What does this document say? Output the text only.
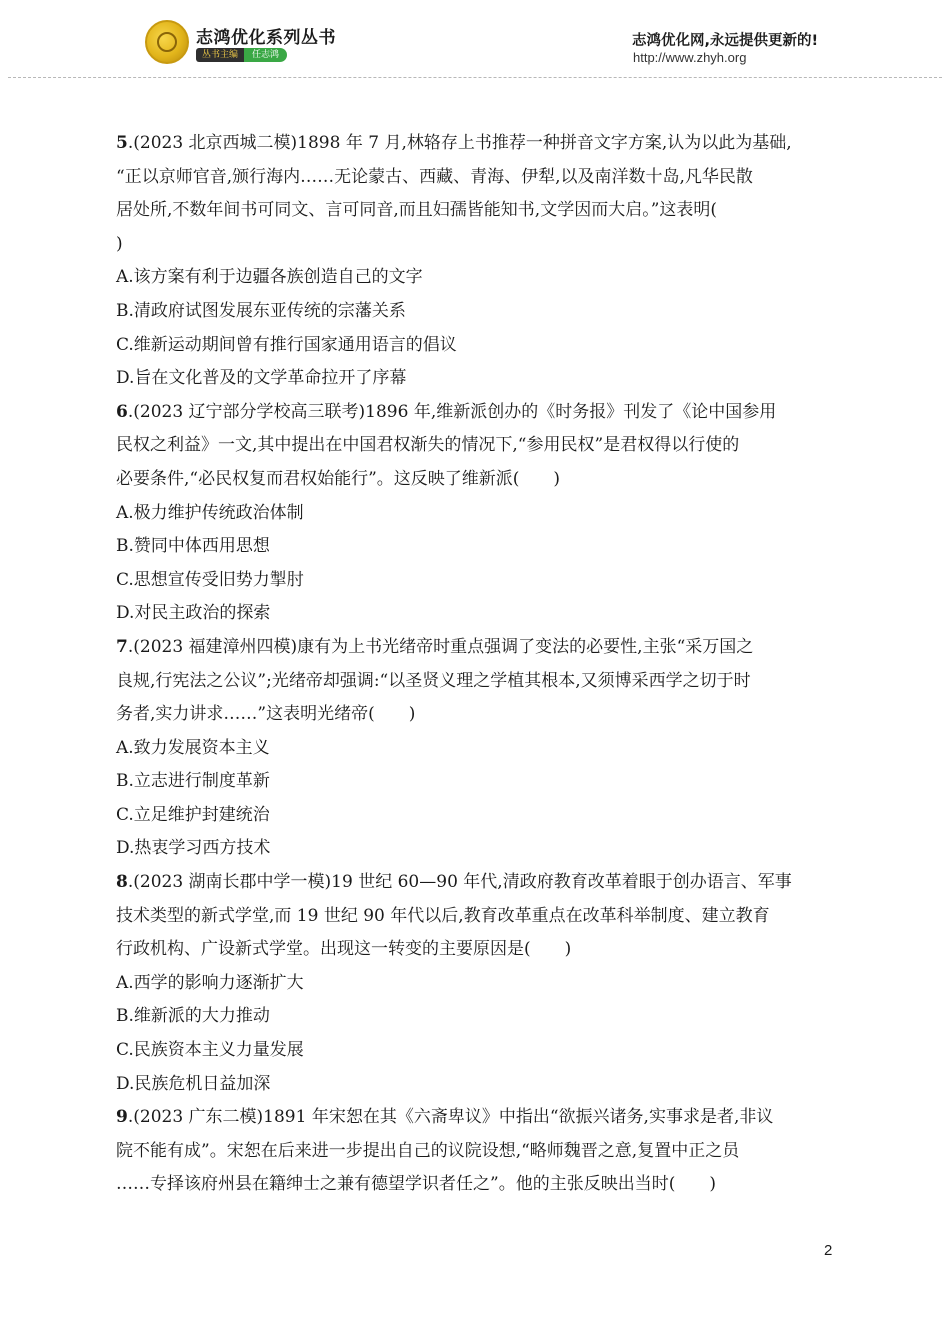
志鸿优化系列丛书
丛书主编	任志鸿
志鸿优化网,永远提供更新的!
http://www.zhyh.org
5.(2023 北京西城二模)1898 年 7 月,林辂存上书推荐一种拼音文字方案,认为以此为基础,
“正以京师官音,颁行海内……无论蒙古、西藏、青海、伊犁,以及南洋数十岛,凡华民散
居处所,不数年间书可同文、言可同音,而且妇孺皆能知书,文学因而大启。”这表明(
)
A.该方案有利于边疆各族创造自己的文字
B.清政府试图发展东亚传统的宗藩关系
C.维新运动期间曾有推行国家通用语言的倡议
D.旨在文化普及的文学革命拉开了序幕
6.(2023 辽宁部分学校高三联考)1896 年,维新派创办的《时务报》刊发了《论中国参用
民权之利益》一文,其中提出在中国君权渐失的情况下,“参用民权”是君权得以行使的
必要条件,“必民权复而君权始能行”。这反映了维新派(　　)
A.极力维护传统政治体制
B.赞同中体西用思想
C.思想宣传受旧势力掣肘
D.对民主政治的探索
7.(2023 福建漳州四模)康有为上书光绪帝时重点强调了变法的必要性,主张“采万国之
良规,行宪法之公议”;光绪帝却强调:“以圣贤义理之学植其根本,又须博采西学之切于时
务者,实力讲求……”这表明光绪帝(　　)
A.致力发展资本主义
B.立志进行制度革新
C.立足维护封建统治
D.热衷学习西方技术
8.(2023 湖南长郡中学一模)19 世纪 60—90 年代,清政府教育改革着眼于创办语言、军事
技术类型的新式学堂,而 19 世纪 90 年代以后,教育改革重点在改革科举制度、建立教育
行政机构、广设新式学堂。出现这一转变的主要原因是(　　)
A.西学的影响力逐渐扩大
B.维新派的大力推动
C.民族资本主义力量发展
D.民族危机日益加深
9.(2023 广东二模)1891 年宋恕在其《六斋卑议》中指出“欲振兴诸务,实事求是者,非议
院不能有成”。宋恕在后来进一步提出自己的议院设想,“略师魏晋之意,复置中正之员
……专择该府州县在籍绅士之兼有德望学识者任之”。他的主张反映出当时(　　)
2
